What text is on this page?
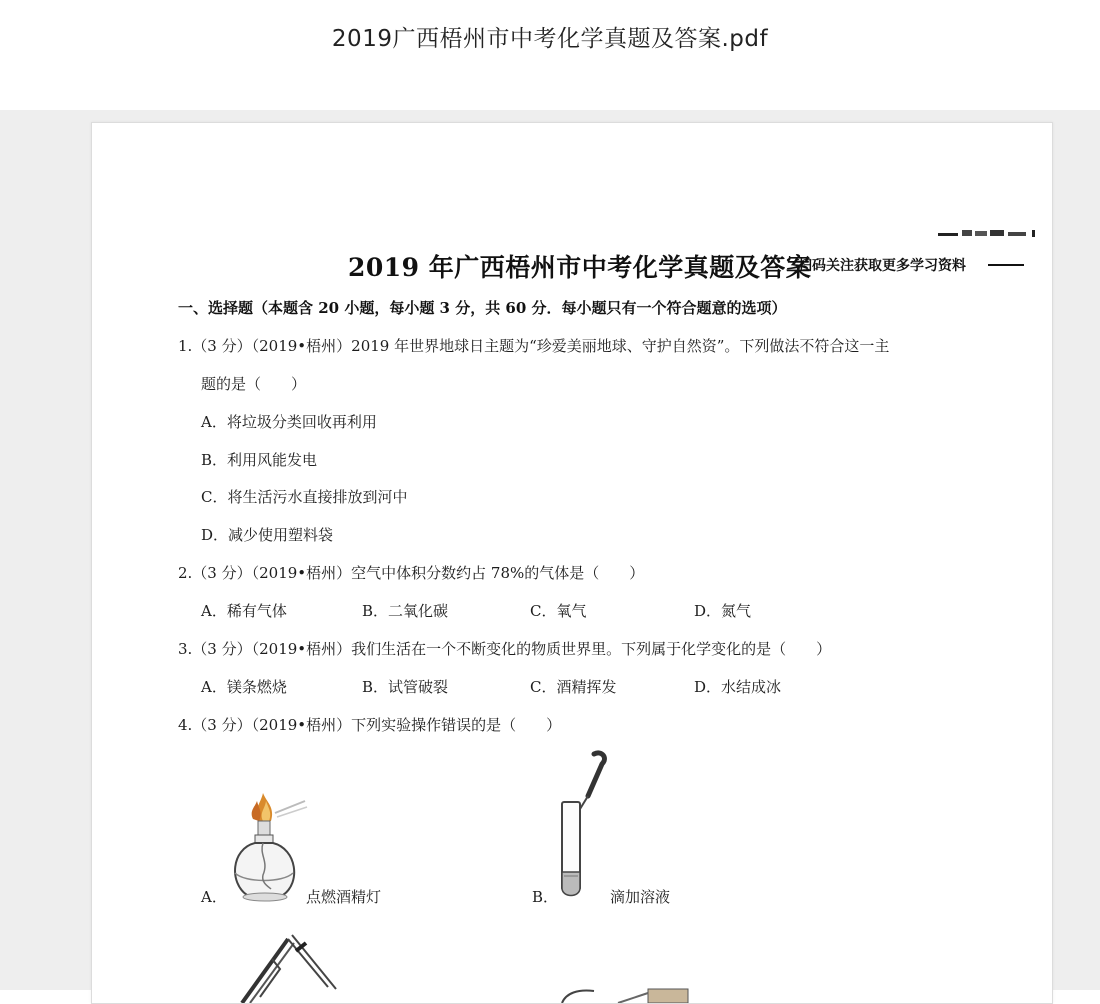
2019广西梧州市中考化学真题及答案.pdf
2019 年广西梧州市中考化学真题及答案
扫码关注获取更多学习资料
一、选择题（本题含 20 小题，每小题 3 分，共 60 分．每小题只有一个符合题意的选项）
1.（3 分）（2019•梧州）2019 年世界地球日主题为“珍爱美丽地球、守护自然资”。下列做法不符合这一主
题的是（　　）
A．将垃圾分类回收再利用
B．利用风能发电
C．将生活污水直接排放到河中
D．减少使用塑料袋
2.（3 分）（2019•梧州）空气中体积分数约占 78%的气体是（　　）
A．稀有气体	B．二氧化碳	C．氧气	D．氮气
3.（3 分）（2019•梧州）我们生活在一个不断变化的物质世界里。下列属于化学变化的是（　　）
A．镁条燃烧	B．试管破裂	C．酒精挥发	D．水结成冰
4.（3 分）（2019•梧州）下列实验操作错误的是（　　）
A．	点燃酒精灯	B．	滴加溶液
